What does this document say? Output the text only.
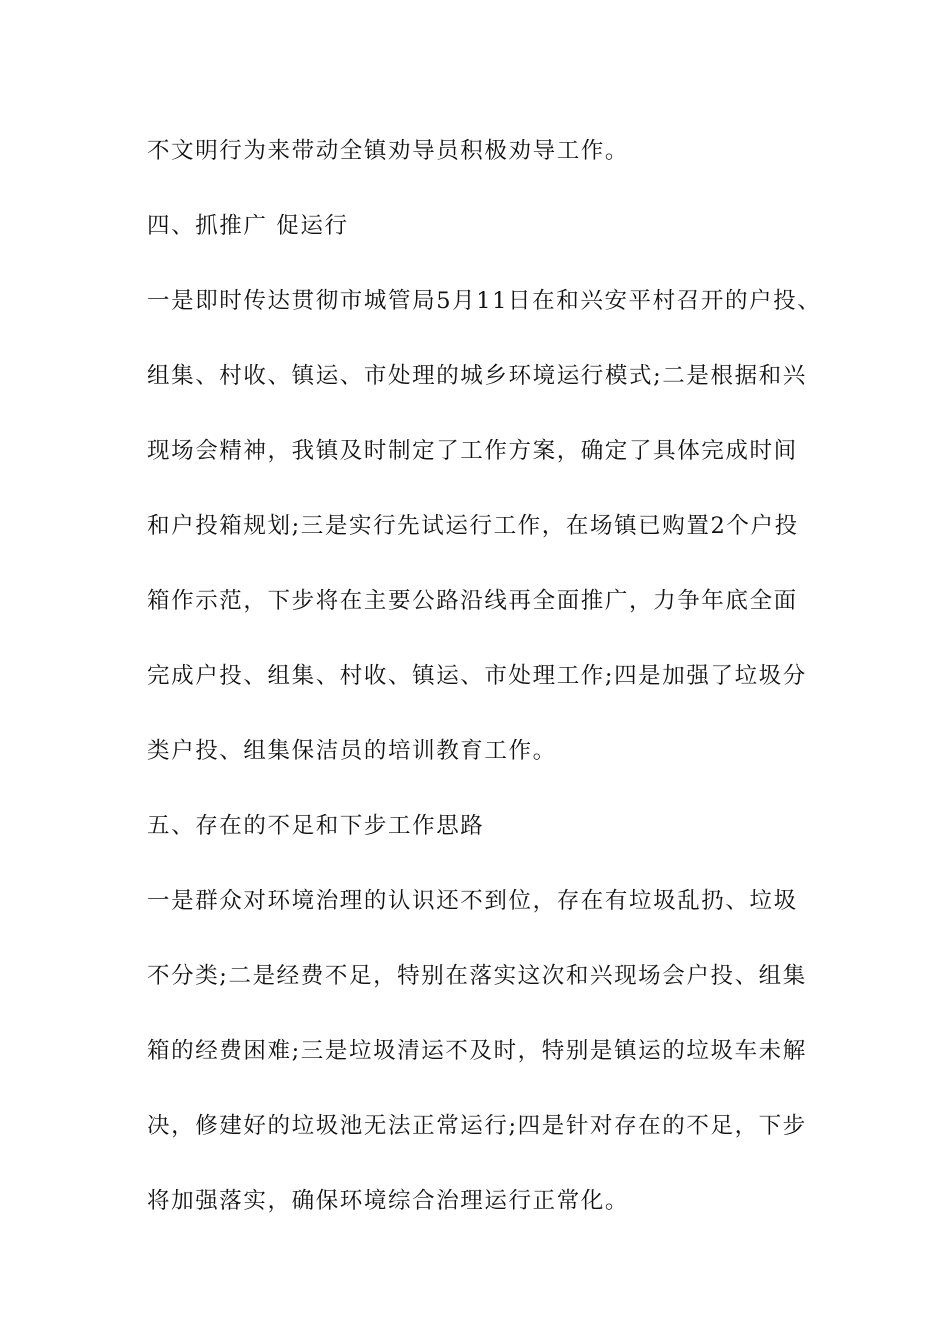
不文明行为来带动全镇劝导员积极劝导工作。
四、抓推广 促运行
一是即时传达贯彻市城管局5月11日在和兴安平村召开的户投、
组集、村收、镇运、市处理的城乡环境运行模式;二是根据和兴
现场会精神，我镇及时制定了工作方案，确定了具体完成时间
和户投箱规划;三是实行先试运行工作，在场镇已购置2个户投
箱作示范，下步将在主要公路沿线再全面推广，力争年底全面
完成户投、组集、村收、镇运、市处理工作;四是加强了垃圾分
类户投、组集保洁员的培训教育工作。
五、存在的不足和下步工作思路
一是群众对环境治理的认识还不到位，存在有垃圾乱扔、垃圾
不分类;二是经费不足，特别在落实这次和兴现场会户投、组集
箱的经费困难;三是垃圾清运不及时，特别是镇运的垃圾车未解
决，修建好的垃圾池无法正常运行;四是针对存在的不足，下步
将加强落实，确保环境综合治理运行正常化。
